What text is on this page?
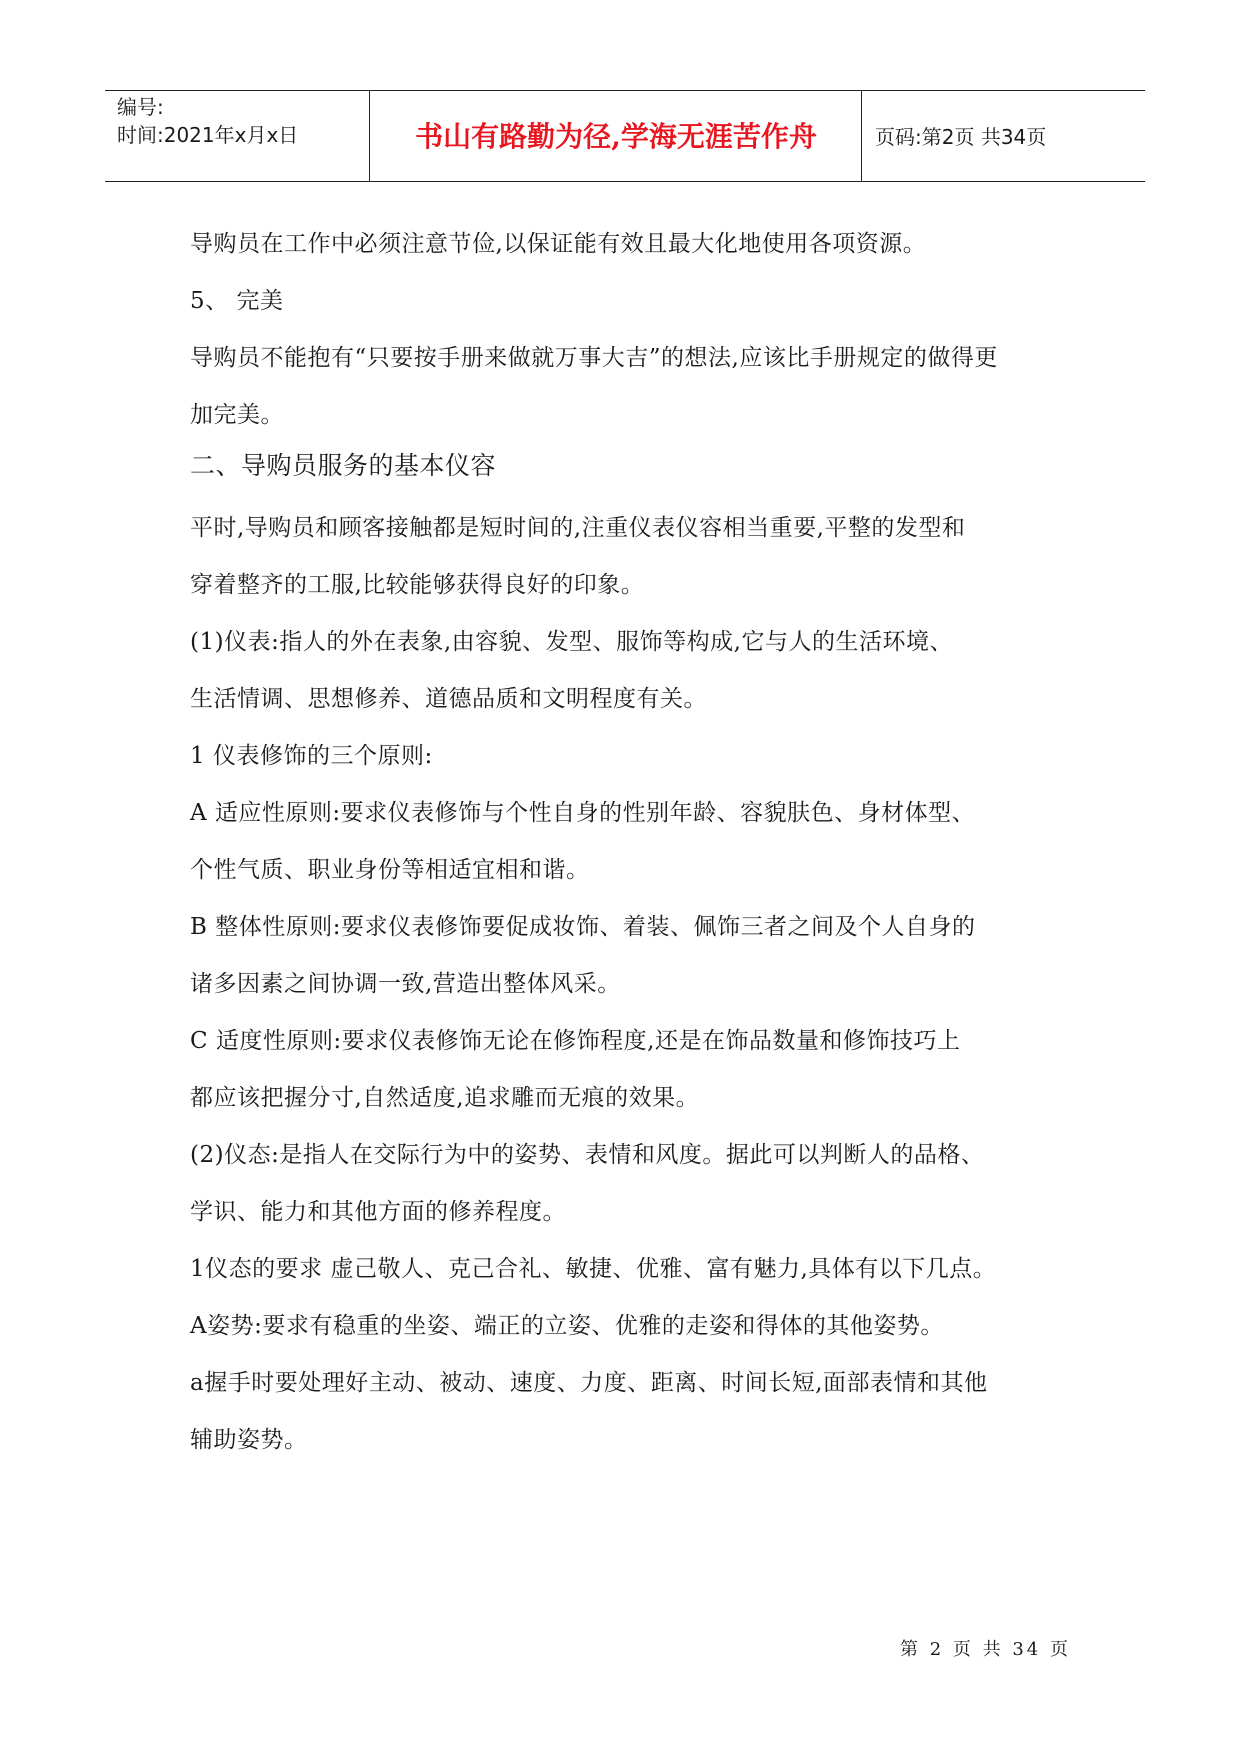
编号:
时间:2021年x月x日	书山有路勤为径,学海无涯苦作舟	页码:第2页 共34页
导购员在工作中必须注意节俭,以保证能有效且最大化地使用各项资源。
5、 完美
导购员不能抱有“只要按手册来做就万事大吉”的想法,应该比手册规定的做得更
加完美。
二、导购员服务的基本仪容
平时,导购员和顾客接触都是短时间的,注重仪表仪容相当重要,平整的发型和
穿着整齐的工服,比较能够获得良好的印象。
(1)仪表:指人的外在表象,由容貌、发型、服饰等构成,它与人的生活环境、
生活情调、思想修养、道德品质和文明程度有关。
1 仪表修饰的三个原则:
A 适应性原则:要求仪表修饰与个性自身的性别年龄、容貌肤色、身材体型、
个性气质、职业身份等相适宜相和谐。
B 整体性原则:要求仪表修饰要促成妆饰、着装、佩饰三者之间及个人自身的
诸多因素之间协调一致,营造出整体风采。
C 适度性原则:要求仪表修饰无论在修饰程度,还是在饰品数量和修饰技巧上
都应该把握分寸,自然适度,追求雕而无痕的效果。
(2)仪态:是指人在交际行为中的姿势、表情和风度。据此可以判断人的品格、
学识、能力和其他方面的修养程度。
1仪态的要求 虚己敬人、克己合礼、敏捷、优雅、富有魅力,具体有以下几点。
A姿势:要求有稳重的坐姿、端正的立姿、优雅的走姿和得体的其他姿势。
a握手时要处理好主动、被动、速度、力度、距离、时间长短,面部表情和其他
辅助姿势。
第 2 页 共 34 页
